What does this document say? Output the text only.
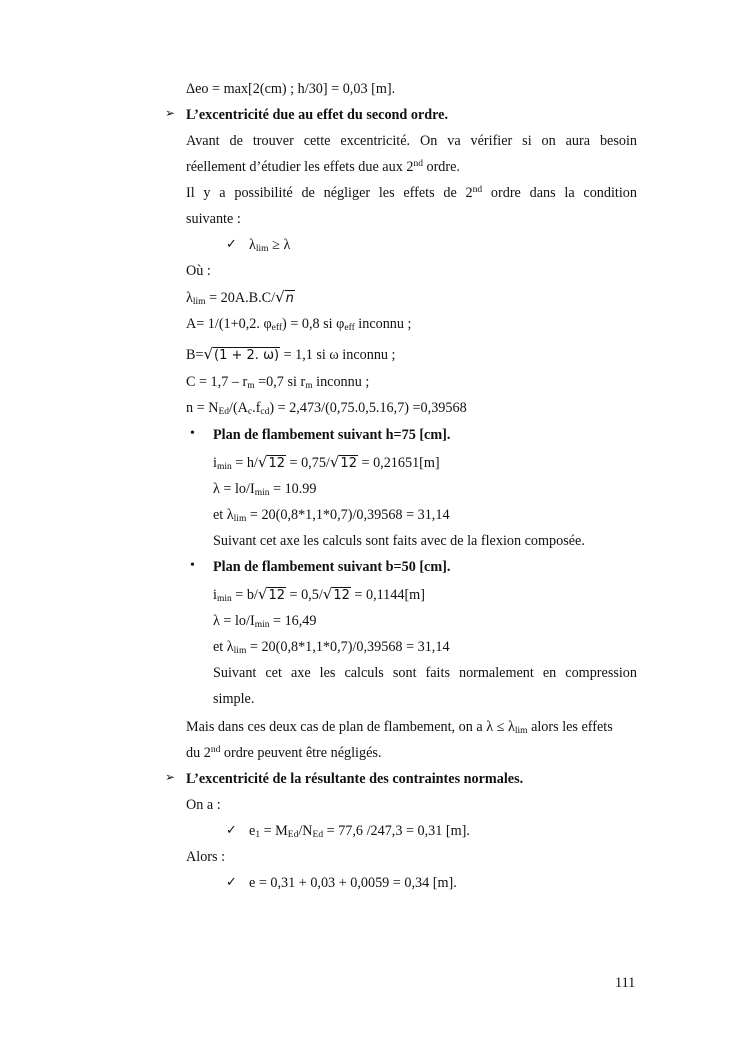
Δeo = max[2(cm) ; h/30] = 0,03 [m].
➢ L’excentricité due au effet du second ordre.
Avant de trouver cette excentricité. On va vérifier si on aura besoin
réellement d’étudier les effets due aux 2nd ordre.
Il y a possibilité de négliger les effets de 2nd ordre dans la condition
suivante :
✓ $\lambda_{lim} \ge \lambda$
Où :
$\lambda_{lim} = 20A.B.C/√n$
A= 1/(1+0,2. $\varphi_{eff}) = 0,8$ si $\varphi_{eff}$ inconnu ;
B=√(1 + 2. ω) = 1,1 si ω inconnu ;
$C = 1,7 - r_m =0,7$ si $r_m$ inconnu ;
$n = N_{Ed}/(A_c.f_{cd}) = 2,473/(0,75.0,5.16,7) =0,39568$
• Plan de flambement suivant h=75 [cm].
$i_{min} = h/√12 = 0,75/√12 = 0,21651[m]$
$\lambda = lo/I_{min} = 10.99$
et $\lambda_{lim} = 20(0,8*1,1*0,7)/0,39568 = 31,14$
Suivant cet axe les calculs sont faits avec de la flexion composée.
• Plan de flambement suivant b=50 [cm].
$i_{min} = b/√12 = 0,5/√12 = 0,1144[m]$
$\lambda = lo/I_{min} = 16,49$
et $\lambda_{lim} = 20(0,8*1,1*0,7)/0,39568 = 31,14$
Suivant cet axe les calculs sont faits normalement en compression
simple.
Mais dans ces deux cas de plan de flambement, on a $\lambda \le \lambda_{lim}$ alors les effets
du 2nd ordre peuvent être négligés.
➢ L’excentricité de la résultante des contraintes normales.
On a :
✓ $e_1 = M_{Ed}/N_{Ed} = 77,6$ /247,3 = 0,31 [m].
Alors :
✓ e = 0,31 + 0,03 + 0,0059 = 0,34 [m].
111
